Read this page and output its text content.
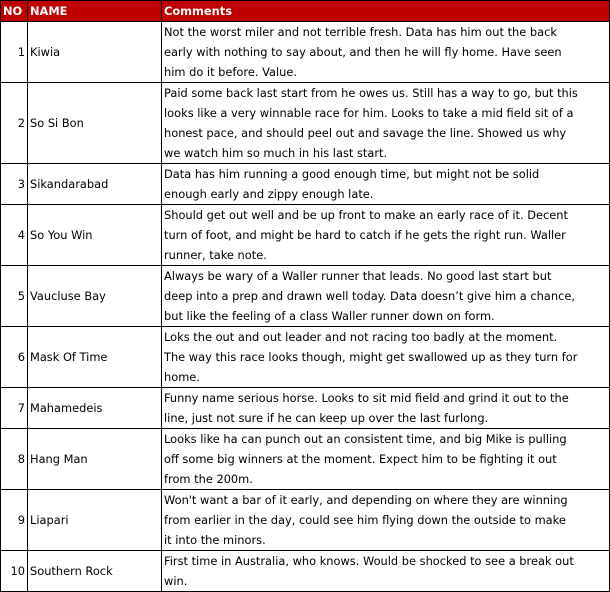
NO	NAME	Comments
1	Kiwia	Not the worst miler and not terrible fresh. Data has him out the back
early with nothing to say about, and then he will fly home. Have seen
him do it before. Value.

2	So Si Bon	Paid some back last start from he owes us. Still has a way to go, but this
looks like a very winnable race for him. Looks to take a mid field sit of a
honest pace, and should peel out and savage the line. Showed us why
we watch him so much in his last start.

3	Sikandarabad	Data has him running a good enough time, but might not be solid
enough early and zippy enough late.

4	So You Win	Should get out well and be up front to make an early race of it. Decent
turn of foot, and might be hard to catch if he gets the right run. Waller
runner, take note.

5	Vaucluse Bay	Always be wary of a Waller runner that leads. No good last start but
deep into a prep and drawn well today. Data doesn’t give him a chance,
but like the feeling of a class Waller runner down on form.

6	Mask Of Time	Loks the out and out leader and not racing too badly at the moment.
The way this race looks though, might get swallowed up as they turn for
home.

7	Mahamedeis	Funny name serious horse. Looks to sit mid field and grind it out to the
line, just not sure if he can keep up over the last furlong.

8	Hang Man	Looks like ha can punch out an consistent time, and big Mike is pulling
off some big winners at the moment. Expect him to be fighting it out
from the 200m.

9	Liapari	Won't want a bar of it early, and depending on where they are winning
from earlier in the day, could see him flying down the outside to make
it into the minors.

10	Southern Rock	First time in Australia, who knows. Would be shocked to see a break out
win.
